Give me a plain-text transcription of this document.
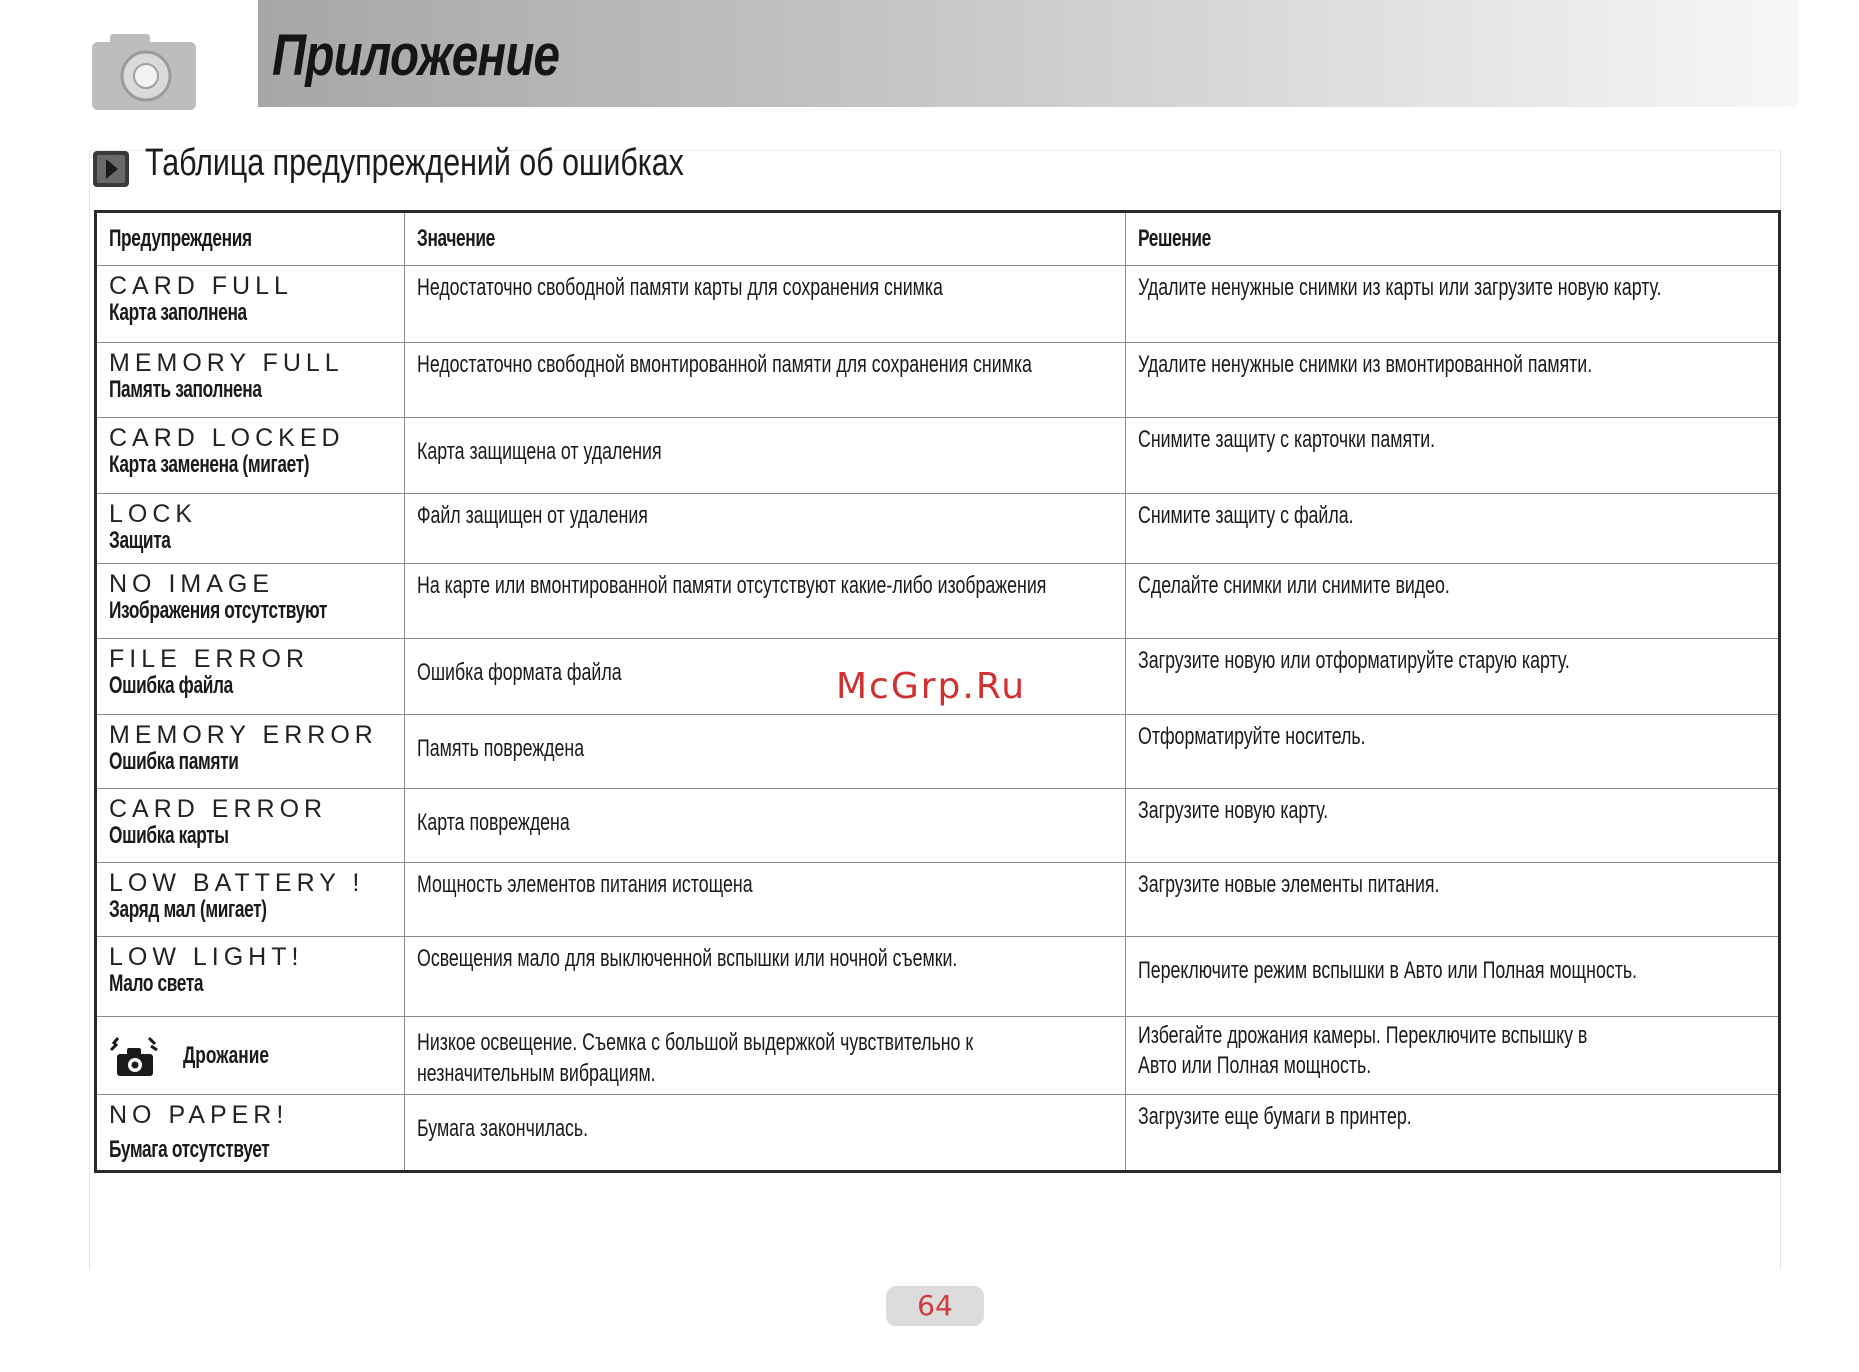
Приложение
Таблица предупреждений об ошибках
Предупреждения	Значение	Решение

CARD FULL
Карта заполнена	Недостаточно свободной памяти карты для сохранения снимка	Удалите ненужные снимки из карты или загрузите новую карту.

MEMORY FULL
Память заполнена	Недостаточно свободной вмонтированной памяти для сохранения снимка	Удалите ненужные снимки из вмонтированной памяти.

CARD LOCKED
Карта заменена (мигает)	Карта защищена от удаления	Снимите защиту с карточки памяти.

LOCK
Защита	Файл защищен от удаления	Снимите защиту с файла.

NO IMAGE
Изображения отсутствуют	На карте или вмонтированной памяти отсутствуют какие-либо изображения	Сделайте снимки или снимите видео.

FILE ERROR
Ошибка файла	Ошибка формата файла	Загрузите новую или отформатируйте старую карту.

MEMORY ERROR
Ошибка памяти	Память повреждена	Отформатируйте носитель.

CARD ERROR
Ошибка карты	Карта повреждена	Загрузите новую карту.

LOW BATTERY !
Заряд мал (мигает)	Мощность элементов питания истощена	Загрузите новые элементы питания.

LOW LIGHT!
Мало света	Освещения мало для выключенной вспышки или ночной съемки.	Переключите режим вспышки в Авто или Полная мощность.

Дрожание	Низкое освещение. Съемка с большой выдержкой чувствительно к незначительным вибрациям.	Избегайте дрожания камеры. Переключите вспышку в Авто или Полная мощность.

NO PAPER!
Бумага отсутствует	Бумага закончилась.	Загрузите еще бумаги в принтер.
McGrp.Ru
64
